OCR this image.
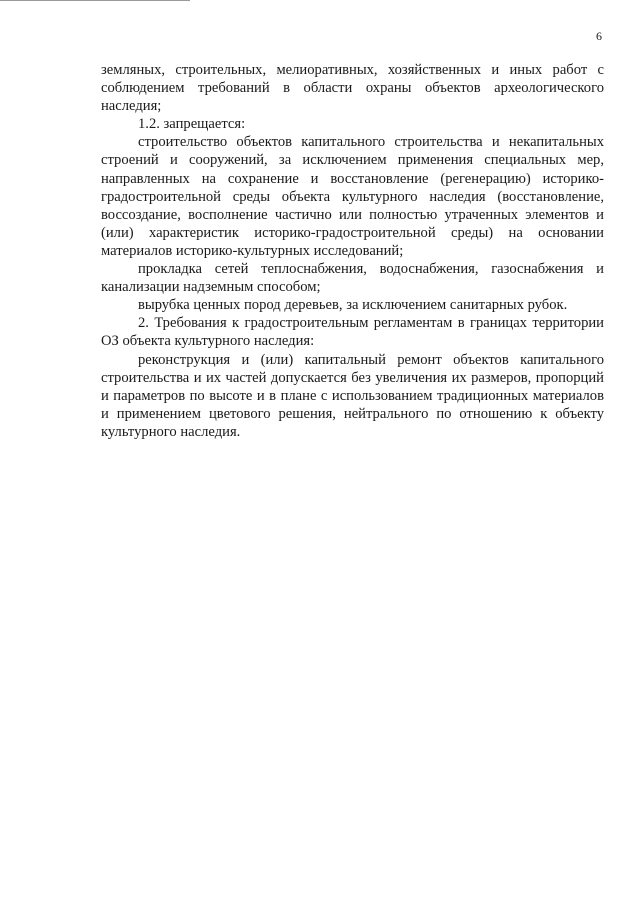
6

земляных, строительных, мелиоративных, хозяйственных и иных работ с соблюдением требований в области охраны объектов археологического наследия;

1.2. запрещается:

строительство объектов капитального строительства и некапитальных строений и сооружений, за исключением применения специальных мер, направленных на сохранение и восстановление (регенерацию) историко-градостроительной среды объекта культурного наследия (восстановление, воссоздание, восполнение частично или полностью утраченных элементов и (или) характеристик историко-градостроительной среды) на основании материалов историко-культурных исследований;

прокладка сетей теплоснабжения, водоснабжения, газоснабжения и канализации надземным способом;

вырубка ценных пород деревьев, за исключением санитарных рубок.

2. Требования к градостроительным регламентам в границах территории ОЗ объекта культурного наследия:

реконструкция и (или) капитальный ремонт объектов капитального строительства и их частей допускается без увеличения их размеров, пропорций и параметров по высоте и в плане с использованием традиционных материалов и применением цветового решения, нейтрального по отношению к объекту культурного наследия.
